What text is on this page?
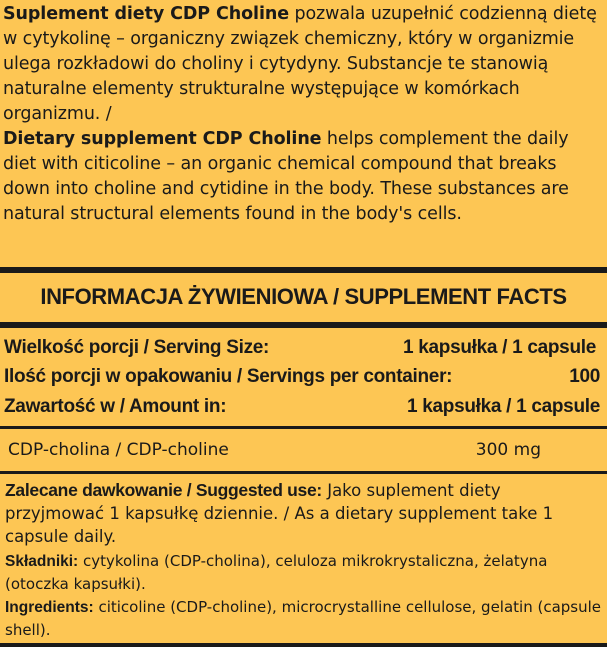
Suplement diety CDP Choline pozwala uzupełnić codzienną dietę w cytykolinę – organiczny związek chemiczny, który w organizmie ulega rozkładowi do choliny i cytydyny. Substancje te stanowią naturalne elementy strukturalne występujące w komórkach organizmu. /

Dietary supplement CDP Choline helps complement the daily diet with citicoline – an organic chemical compound that breaks down into choline and cytidine in the body. These substances are natural structural elements found in the body's cells.

INFORMACJA ŻYWIENIOWA / SUPPLEMENT FACTS
Wielkość porcji / Serving Size:	1 kapsułka / 1 capsule
Ilość porcji w opakowaniu / Servings per container:	100
Zawartość w / Amount in:	1 kapsułka / 1 capsule
CDP-cholina / CDP-choline	300 mg
Zalecane dawkowanie / Suggested use: Jako suplement diety przyjmować 1 kapsułkę dziennie. / As a dietary supplement take 1 capsule daily.
Składniki: cytykolina (CDP-cholina), celuloza mikrokrystaliczna, żelatyna (otoczka kapsułki).
Ingredients: citicoline (CDP-choline), microcrystalline cellulose, gelatin (capsule shell).
